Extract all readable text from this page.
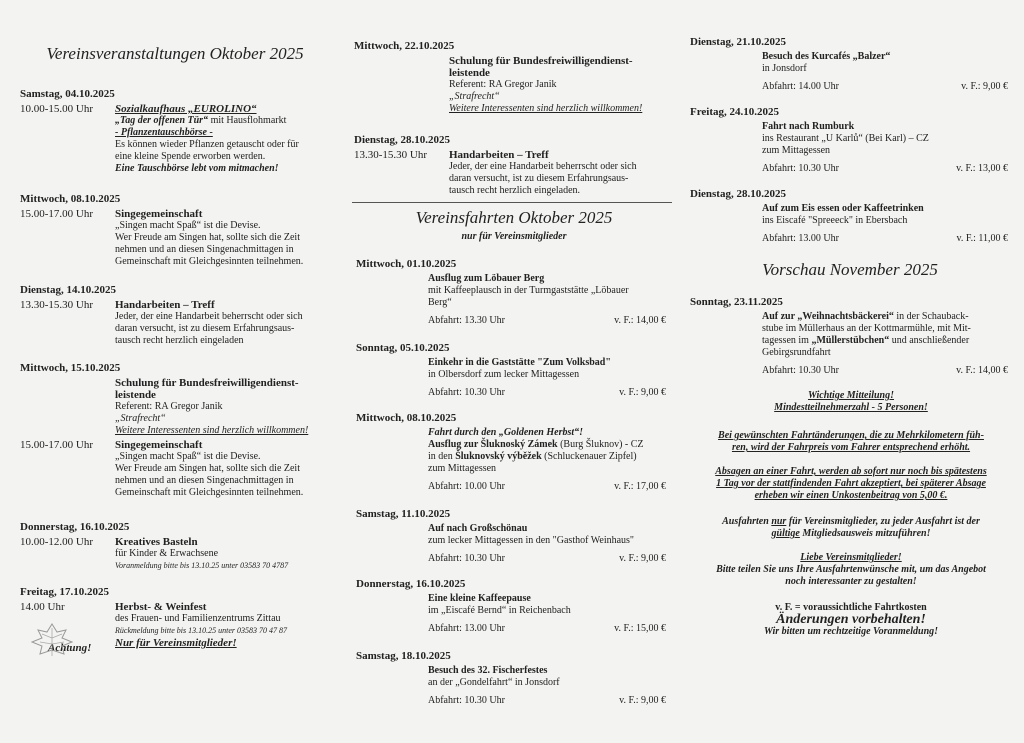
Vereinsveranstaltungen Oktober 2025
Samstag, 04.10.2025
10.00-15.00 Uhr Sozialkaufhaus „EUROLINO“
„Tag der offenen Tür“ mit Hausflohmarkt
- Pflanzentauschbörse -
Es können wieder Pflanzen getauscht oder für
eine kleine Spende erworben werden.
Eine Tauschbörse lebt vom mitmachen!
Mittwoch, 08.10.2025
15.00-17.00 Uhr Singegemeinschaft
„Singen macht Spaß“ ist die Devise.
Wer Freude am Singen hat, sollte sich die Zeit
nehmen und an diesen Singenachmittagen in
Gemeinschaft mit Gleichgesinnten teilnehmen.
Dienstag, 14.10.2025
13.30-15.30 Uhr Handarbeiten – Treff
Jeder, der eine Handarbeit beherrscht oder sich
daran versucht, ist zu diesem Erfahrungsaus-
tausch recht herzlich eingeladen
Mittwoch, 15.10.2025
Schulung für Bundesfreiwilligendienst-
leistende
Referent: RA Gregor Janik
„Strafrecht“
Weitere Interessenten sind herzlich willkommen!
15.00-17.00 Uhr Singegemeinschaft
„Singen macht Spaß“ ist die Devise.
Wer Freude am Singen hat, sollte sich die Zeit
nehmen und an diesen Singenachmittagen in
Gemeinschaft mit Gleichgesinnten teilnehmen.
Donnerstag, 16.10.2025
10.00-12.00 Uhr Kreatives Basteln
für Kinder & Erwachsene
Voranmeldung bitte bis 13.10.25 unter 03583 70 4787
Freitag, 17.10.2025
14.00 Uhr	Herbst- & Weinfest
des Frauen- und Familienzentrums Zittau
Rückmeldung bitte bis 13.10.25 unter 03583 70 47 87
Nur für Vereinsmitglieder!
Achtung!
Mittwoch, 22.10.2025
Schulung für Bundesfreiwilligendienst-
leistende
Referent: RA Gregor Janik
„Strafrecht“
Weitere Interessenten sind herzlich willkommen!
Dienstag, 28.10.2025
13.30-15.30 Uhr Handarbeiten – Treff
Jeder, der eine Handarbeit beherrscht oder sich
daran versucht, ist zu diesem Erfahrungsaus-
tausch recht herzlich eingeladen.
Vereinsfahrten Oktober 2025
nur für Vereinsmitglieder
Mittwoch, 01.10.2025
Ausflug zum Löbauer Berg
mit Kaffeeplausch in der Turmgaststätte „Löbauer
Berg“
Abfahrt: 13.30 Uhr	v. F.: 14,00 €
Sonntag, 05.10.2025
Einkehr in die Gaststätte "Zum Volksbad"
in Olbersdorf zum lecker Mittagessen
Abfahrt: 10.30 Uhr	v. F.: 9,00 €
Mittwoch, 08.10.2025
Fahrt durch den „Goldenen Herbst“!
Ausflug zur Šluknoský Zámek (Burg Šluknov) - CZ
in den Šluknovský výběžek (Schluckenauer Zipfel)
zum Mittagessen
Abfahrt: 10.00 Uhr	v. F.: 17,00 €
Samstag, 11.10.2025
Auf nach Großschönau
zum lecker Mittagessen in den "Gasthof Weinhaus"
Abfahrt: 10.30 Uhr	v. F.: 9,00 €
Donnerstag, 16.10.2025
Eine kleine Kaffeepause
im „Eiscafé Bernd“ in Reichenbach
Abfahrt: 13.00 Uhr	v. F.: 15,00 €
Samstag, 18.10.2025
Besuch des 32. Fischerfestes
an der „Gondelfahrt“ in Jonsdorf
Abfahrt: 10.30 Uhr	v. F.: 9,00 €
Dienstag, 21.10.2025
Besuch des Kurcafés „Balzer“
in Jonsdorf
Abfahrt: 14.00 Uhr	v. F.: 9,00 €
Freitag, 24.10.2025
Fahrt nach Rumburk
ins Restaurant „U Karlů“ (Bei Karl) – CZ
zum Mittagessen
Abfahrt: 10.30 Uhr	v. F.: 13,00 €
Dienstag, 28.10.2025
Auf zum Eis essen oder Kaffeetrinken
ins Eiscafé "Spreeeck" in Ebersbach
Abfahrt: 13.00 Uhr	v. F.: 11,00 €
Vorschau November 2025
Sonntag, 23.11.2025
Auf zur „Weihnachtsbäckerei“ in der Schauback-
stube im Müllerhaus an der Kottmarmühle, mit Mit-
tagessen im „Müllerstübchen“ und anschließender
Gebirgsrundfahrt
Abfahrt: 10.30 Uhr	v. F.: 14,00 €
Wichtige Mitteilung!
Mindestteilnehmerzahl - 5 Personen!
Bei gewünschten Fahrtänderungen, die zu Mehrkilometern füh-
ren, wird der Fahrpreis vom Fahrer entsprechend erhöht.
Absagen an einer Fahrt, werden ab sofort nur noch bis spätestens
1 Tag vor der stattfindenden Fahrt akzeptiert, bei späterer Absage
erheben wir einen Unkostenbeitrag von 5,00 €.
Ausfahrten nur für Vereinsmitglieder, zu jeder Ausfahrt ist der
gültige Mitgliedsausweis mitzuführen!
Liebe Vereinsmitglieder!
Bitte teilen Sie uns Ihre Ausfahrtenwünsche mit, um das Angebot
noch interessanter zu gestalten!
v. F. = voraussichtliche Fahrtkosten
Änderungen vorbehalten!
Wir bitten um rechtzeitige Voranmeldung!
